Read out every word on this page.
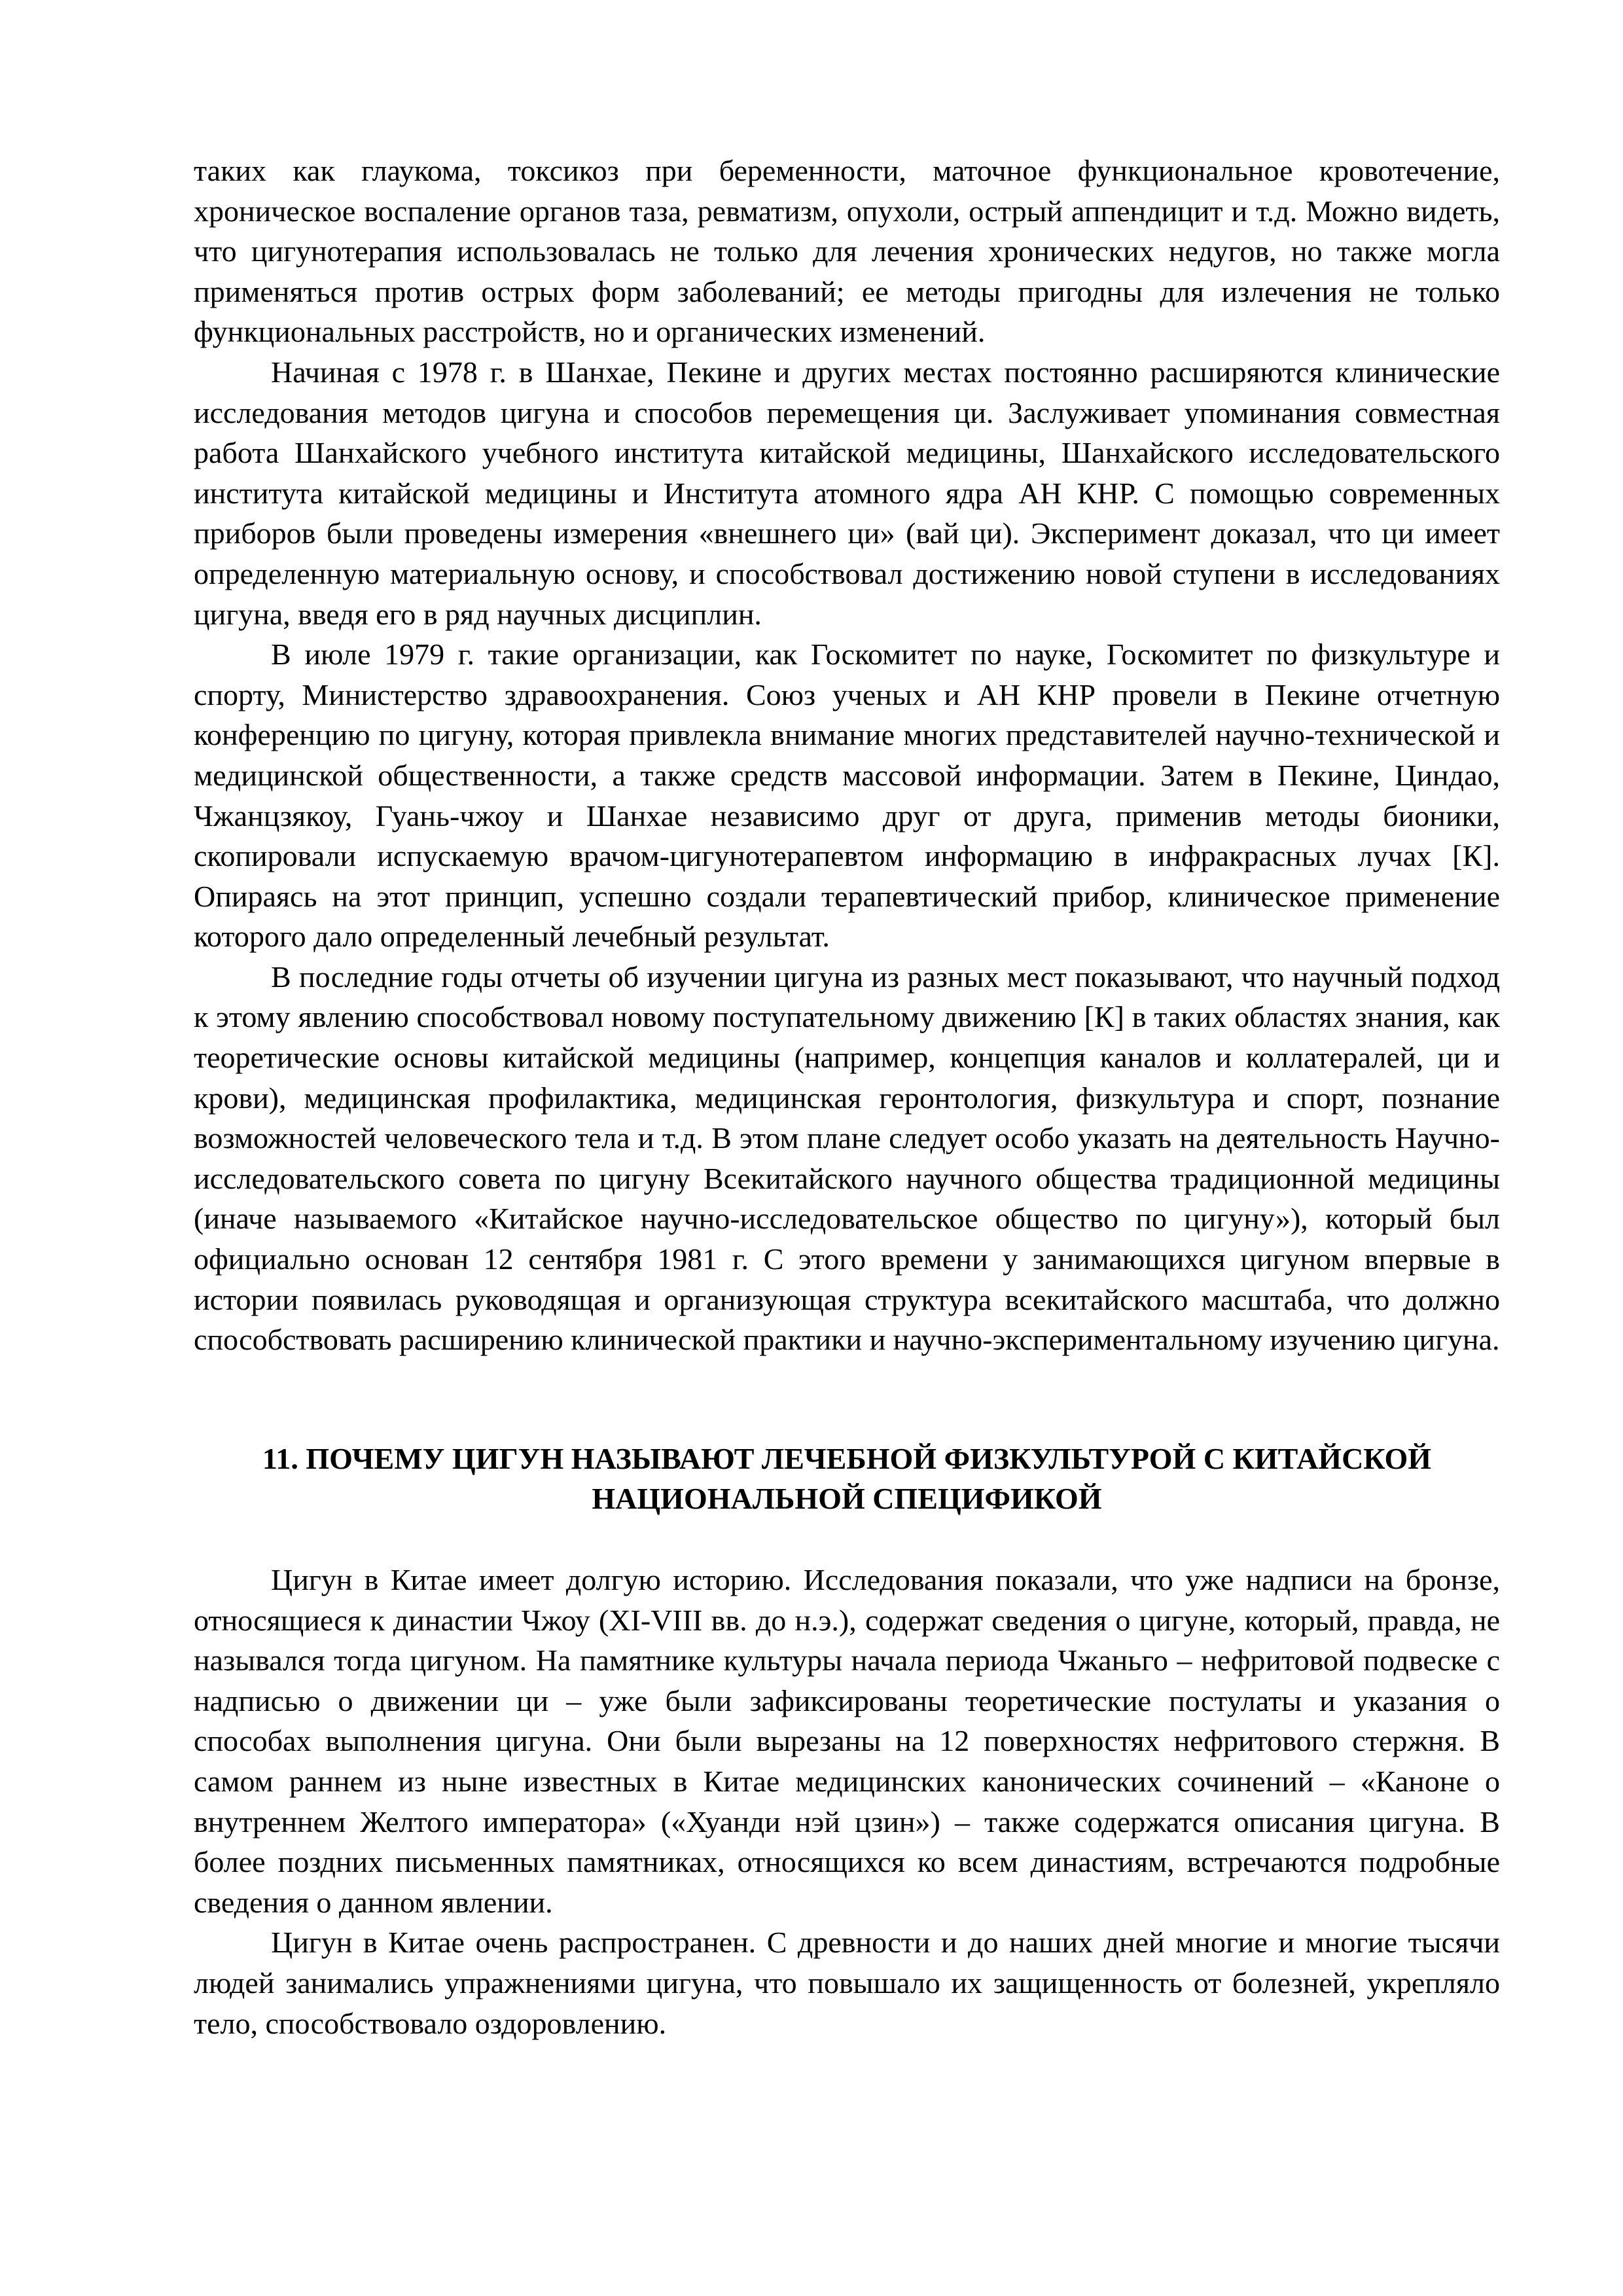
таких как глаукома, токсикоз при беременности, маточное функциональное кровотечение, хроническое воспаление органов таза, ревматизм, опухоли, острый аппендицит и т.д. Можно видеть, что цигунотерапия использовалась не только для лечения хронических недугов, но также могла применяться против острых форм заболеваний; ее методы пригодны для излечения не только функциональных расстройств, но и органических изменений.

Начиная с 1978 г. в Шанхае, Пекине и других местах постоянно расширяются клинические исследования методов цигуна и способов перемещения ци. Заслуживает упоминания совместная работа Шанхайского учебного института китайской медицины, Шанхайского исследовательского института китайской медицины и Института атомного ядра АН КНР. С помощью современных приборов были проведены измерения «внешнего ци» (вай ци). Эксперимент доказал, что ци имеет определенную материальную основу, и способствовал достижению новой ступени в исследованиях цигуна, введя его в ряд научных дисциплин.

В июле 1979 г. такие организации, как Госкомитет по науке, Госкомитет по физкультуре и спорту, Министерство здравоохранения. Союз ученых и АН КНР провели в Пекине отчетную конференцию по цигуну, которая привлекла внимание многих представителей научно-технической и медицинской общественности, а также средств массовой информации. Затем в Пекине, Циндао, Чжанцзякоу, Гуань-чжоу и Шанхае независимо друг от друга, применив методы бионики, скопировали испускаемую врачом-цигунотерапевтом информацию в инфракрасных лучах [К]. Опираясь на этот принцип, успешно создали терапевтический прибор, клиническое применение которого дало определенный лечебный результат.

В последние годы отчеты об изучении цигуна из разных мест показывают, что научный подход к этому явлению способствовал новому поступательному движению [К] в таких областях знания, как теоретические основы китайской медицины (например, концепция каналов и коллатералей, ци и крови), медицинская профилактика, медицинская геронтология, физкультура и спорт, познание возможностей человеческого тела и т.д. В этом плане следует особо указать на деятельность Научно-исследовательского совета по цигуну Всекитайского научного общества традиционной медицины (иначе называемого «Китайское научно-исследовательское общество по цигуну»), который был официально основан 12 сентября 1981 г. С этого времени у занимающихся цигуном впервые в истории появилась руководящая и организующая структура всекитайского масштаба, что должно способствовать расширению клинической практики и научно-экспериментальному изучению цигуна.

11. ПОЧЕМУ ЦИГУН НАЗЫВАЮТ ЛЕЧЕБНОЙ ФИЗКУЛЬТУРОЙ С КИТАЙСКОЙ
НАЦИОНАЛЬНОЙ СПЕЦИФИКОЙ

Цигун в Китае имеет долгую историю. Исследования показали, что уже надписи на бронзе, относящиеся к династии Чжоу (XI-VIII вв. до н.э.), содержат сведения о цигуне, который, правда, не назывался тогда цигуном. На памятнике культуры начала периода Чжаньго – нефритовой подвеске с надписью о движении ци – уже были зафиксированы теоретические постулаты и указания о способах выполнения цигуна. Они были вырезаны на 12 поверхностях нефритового стержня. В самом раннем из ныне известных в Китае медицинских канонических сочинений – «Каноне о внутреннем Желтого императора» («Хуанди нэй цзин») – также содержатся описания цигуна. В более поздних письменных памятниках, относящихся ко всем династиям, встречаются подробные сведения о данном явлении.

Цигун в Китае очень распространен. С древности и до наших дней многие и многие тысячи людей занимались упражнениями цигуна, что повышало их защищенность от болезней, укрепляло тело, способствовало оздоровлению.
